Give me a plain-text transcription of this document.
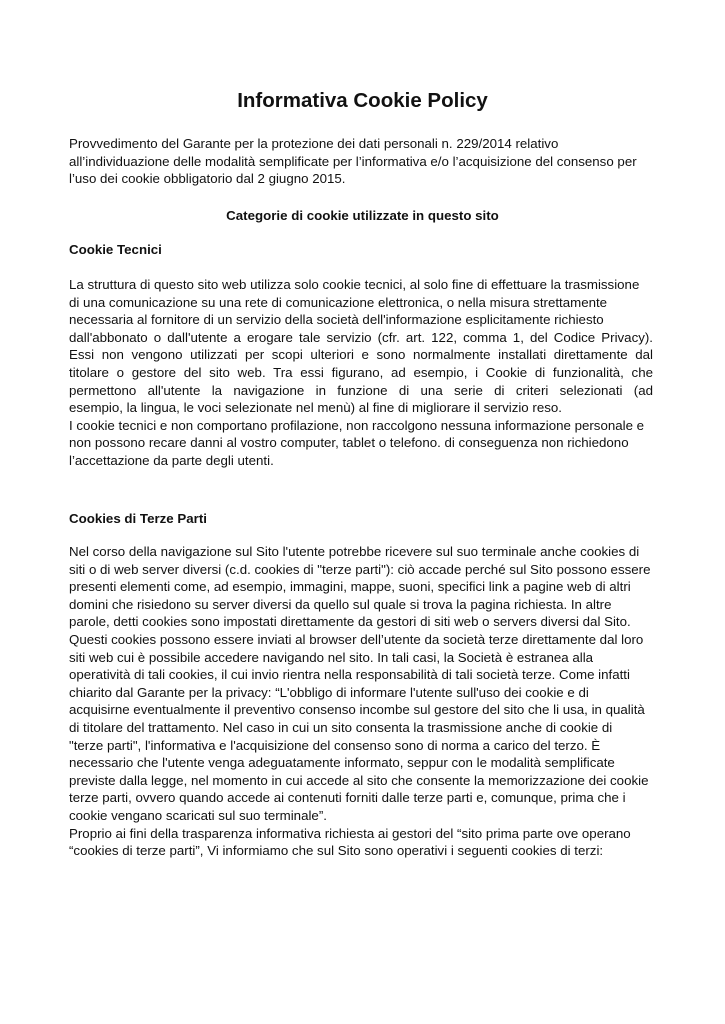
Informativa Cookie Policy
Provvedimento del Garante per la protezione dei dati personali n. 229/2014 relativo
all’individuazione delle modalità semplificate per l’informativa e/o l’acquisizione del consenso per
l’uso dei cookie obbligatorio dal 2 giugno 2015.
Categorie di cookie utilizzate in questo sito
Cookie Tecnici
La struttura di questo sito web utilizza solo cookie tecnici, al solo fine di effettuare la trasmissione
di una comunicazione su una rete di comunicazione elettronica, o nella misura strettamente
necessaria al fornitore di un servizio della società dell'informazione esplicitamente richiesto
dall'abbonato o dall'utente a erogare tale servizio (cfr. art. 122, comma 1, del Codice Privacy).
Essi non vengono utilizzati per scopi ulteriori e sono normalmente installati direttamente dal
titolare o gestore del sito web. Tra essi figurano, ad esempio, i Cookie di funzionalità, che
permettono all'utente la navigazione in funzione di una serie di criteri selezionati (ad
esempio, la lingua, le voci selezionate nel menù) al fine di migliorare il servizio reso.
I cookie tecnici e non comportano profilazione, non raccolgono nessuna informazione personale e
non possono recare danni al vostro computer, tablet o telefono. di conseguenza non richiedono
l’accettazione da parte degli utenti.
Cookies di Terze Parti
Nel corso della navigazione sul Sito l'utente potrebbe ricevere sul suo terminale anche cookies di
siti o di web server diversi (c.d. cookies di "terze parti"): ciò accade perché sul Sito possono essere
presenti elementi come, ad esempio, immagini, mappe, suoni, specifici link a pagine web di altri
domini che risiedono su server diversi da quello sul quale si trova la pagina richiesta. In altre
parole, detti cookies sono impostati direttamente da gestori di siti web o servers diversi dal Sito.
Questi cookies possono essere inviati al browser dell’utente da società terze direttamente dal loro
siti web cui è possibile accedere navigando nel sito. In tali casi, la Società è estranea alla
operatività di tali cookies, il cui invio rientra nella responsabilità di tali società terze. Come infatti
chiarito dal Garante per la privacy: “L'obbligo di informare l'utente sull'uso dei cookie e di
acquisirne eventualmente il preventivo consenso incombe sul gestore del sito che li usa, in qualità
di titolare del trattamento. Nel caso in cui un sito consenta la trasmissione anche di cookie di
"terze parti", l'informativa e l'acquisizione del consenso sono di norma a carico del terzo. È
necessario che l'utente venga adeguatamente informato, seppur con le modalità semplificate
previste dalla legge, nel momento in cui accede al sito che consente la memorizzazione dei cookie
terze parti, ovvero quando accede ai contenuti forniti dalle terze parti e, comunque, prima che i
cookie vengano scaricati sul suo terminale”.
Proprio ai fini della trasparenza informativa richiesta ai gestori del “sito prima parte ove operano
“cookies di terze parti”, Vi informiamo che sul Sito sono operativi i seguenti cookies di terzi:
